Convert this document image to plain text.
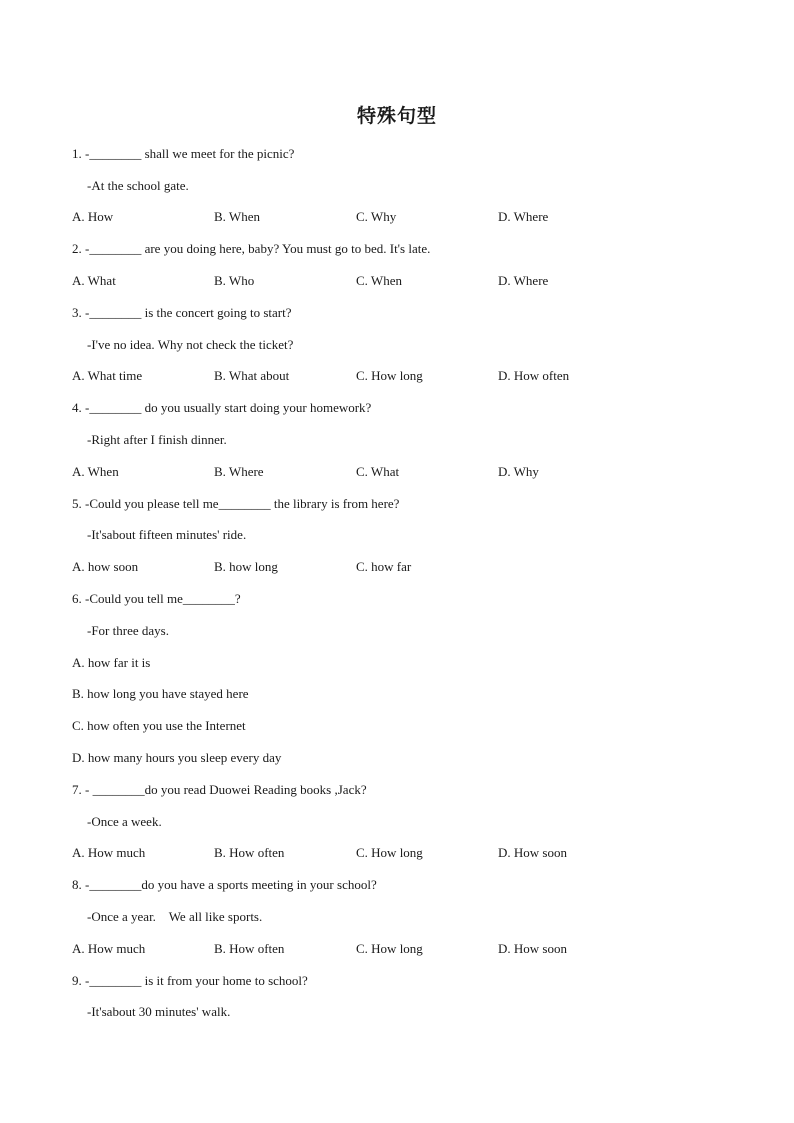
特殊句型
1. -________ shall we meet for the picnic?
-At the school gate.
A. How	B. When	C. Why	D. Where
2. -________ are you doing here, baby? You must go to bed. It's late.
A. What	B. Who	C. When	D. Where
3. -________ is the concert going to start?
-I've no idea. Why not check the ticket?
A. What time	B. What about	C. How long	D. How often
4. -________ do you usually start doing your homework?
-Right after I finish dinner.
A. When	B. Where	C. What	D. Why
5. -Could you please tell me________ the library is from here?
-It'sabout fifteen minutes' ride.
A. how soon	B. how long	C. how far
6. -Could you tell me________?
-For three days.
A. how far it is
B. how long you have stayed here
C. how often you use the Internet
D. how many hours you sleep every day
7. - ________do you read Duowei Reading books ,Jack?
-Once a week.
A. How much	B. How often	C. How long	D. How soon
8. -________do you have a sports meeting in your school?
-Once a year.    We all like sports.
A. How much	B. How often	C. How long	D. How soon
9. -________ is it from your home to school?
-It'sabout 30 minutes' walk.
